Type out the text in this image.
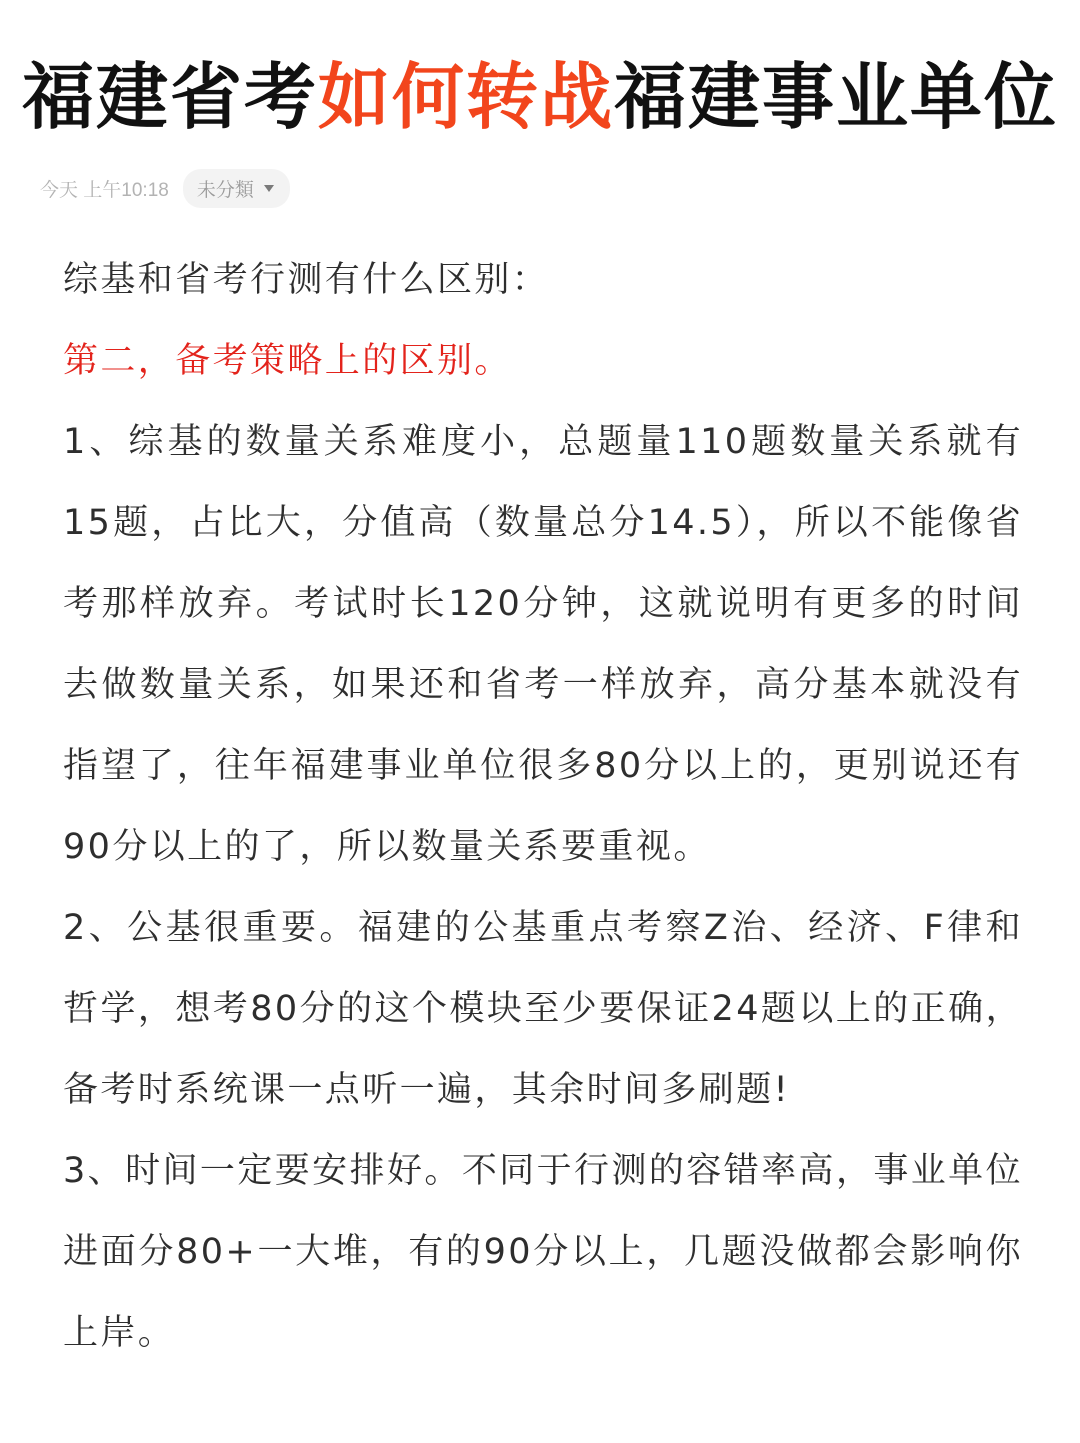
福建省考如何转战福建事业单位
今天 上午10:18 未分類

综基和省考行测有什么区别：

第二，备考策略上的区别。

1、综基的数量关系难度小，总题量110题数量关系就有15题，占比大，分值高（数量总分14.5），所以不能像省考那样放弃。考试时长120分钟，这就说明有更多的时间去做数量关系，如果还和省考一样放弃，高分基本就没有指望了，往年福建事业单位很多80分以上的，更别说还有90分以上的了，所以数量关系要重视。

2、公基很重要。福建的公基重点考察Z治、经济、F律和哲学，想考80分的这个模块至少要保证24题以上的正确，备考时系统课一点听一遍，其余时间多刷题!

3、时间一定要安排好。不同于行测的容错率高，事业单位进面分80+一大堆，有的90分以上，几题没做都会影响你上岸。
